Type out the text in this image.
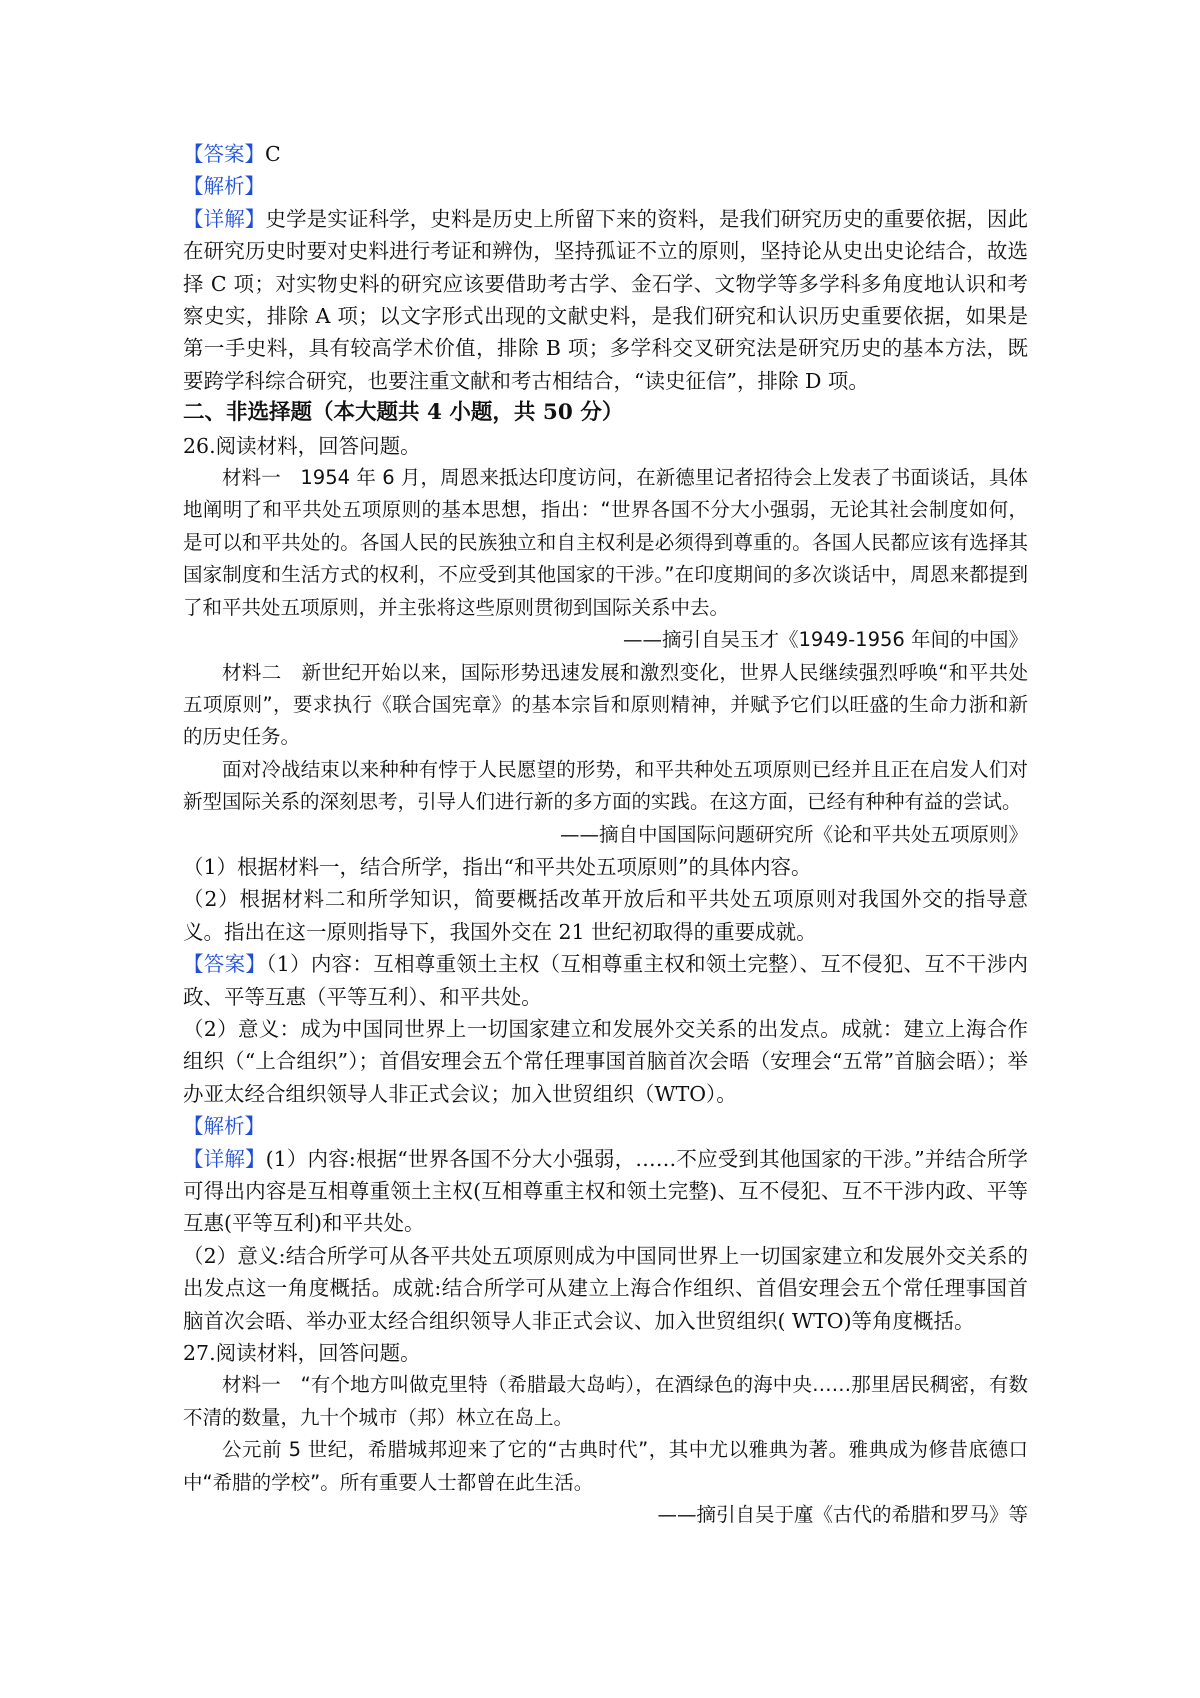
【答案】C

【解析】

【详解】史学是实证科学，史料是历史上所留下来的资料，是我们研究历史的重要依据，因此在研究历史时要对史料进行考证和辨伪，坚持孤证不立的原则，坚持论从史出史论结合，故选择 C 项；对实物史料的研究应该要借助考古学、金石学、文物学等多学科多角度地认识和考察史实，排除 A 项；以文字形式出现的文献史料，是我们研究和认识历史重要依据，如果是第一手史料，具有较高学术价值，排除 B 项；多学科交叉研究法是研究历史的基本方法，既要跨学科综合研究，也要注重文献和考古相结合，“读史征信”，排除 D 项。

二、非选择题（本大题共 4 小题，共 50 分）

26.阅读材料，回答问题。

材料一　1954 年 6 月，周恩来抵达印度访问，在新德里记者招待会上发表了书面谈话，具体地阐明了和平共处五项原则的基本思想，指出：“世界各国不分大小强弱，无论其社会制度如何，是可以和平共处的。各国人民的民族独立和自主权利是必须得到尊重的。各国人民都应该有选择其国家制度和生活方式的权利，不应受到其他国家的干涉。”在印度期间的多次谈话中，周恩来都提到了和平共处五项原则，并主张将这些原则贯彻到国际关系中去。

——摘引自吴玉才《1949-1956 年间的中国》

材料二　新世纪开始以来，国际形势迅速发展和激烈变化，世界人民继续强烈呼唤“和平共处五项原则”，要求执行《联合国宪章》的基本宗旨和原则精神，并赋予它们以旺盛的生命力浙和新的历史任务。

面对冷战结束以来种种有悖于人民愿望的形势，和平共种处五项原则已经并且正在启发人们对新型国际关系的深刻思考，引导人们进行新的多方面的实践。在这方面，已经有种种有益的尝试。

——摘自中国国际问题研究所《论和平共处五项原则》

（1）根据材料一，结合所学，指出“和平共处五项原则”的具体内容。

（2）根据材料二和所学知识，简要概括改革开放后和平共处五项原则对我国外交的指导意义。指出在这一原则指导下，我国外交在 21 世纪初取得的重要成就。

【答案】（1）内容：互相尊重领土主权（互相尊重主权和领土完整）、互不侵犯、互不干涉内政、平等互惠（平等互利）、和平共处。

（2）意义：成为中国同世界上一切国家建立和发展外交关系的出发点。成就：建立上海合作组织（“上合组织”）；首倡安理会五个常任理事国首脑首次会晤（安理会“五常”首脑会晤）；举办亚太经合组织领导人非正式会议；加入世贸组织（WTO）。

【解析】

【详解】(1）内容:根据“世界各国不分大小强弱，……不应受到其他国家的干涉。”并结合所学可得出内容是互相尊重领土主权(互相尊重主权和领土完整)、互不侵犯、互不干涉内政、平等互惠(平等互利)和平共处。

（2）意义:结合所学可从各平共处五项原则成为中国同世界上一切国家建立和发展外交关系的出发点这一角度概括。成就:结合所学可从建立上海合作组织、首倡安理会五个常任理事国首脑首次会晤、举办亚太经合组织领导人非正式会议、加入世贸组织( WTO)等角度概括。

27.阅读材料，回答问题。

材料一　“有个地方叫做克里特（希腊最大岛屿），在酒绿色的海中央……那里居民稠密，有数不清的数量，九十个城市（邦）林立在岛上。

公元前 5 世纪，希腊城邦迎来了它的“古典时代”，其中尤以雅典为著。雅典成为修昔底德口中“希腊的学校”。所有重要人士都曾在此生活。

——摘引自吴于廑《古代的希腊和罗马》等
